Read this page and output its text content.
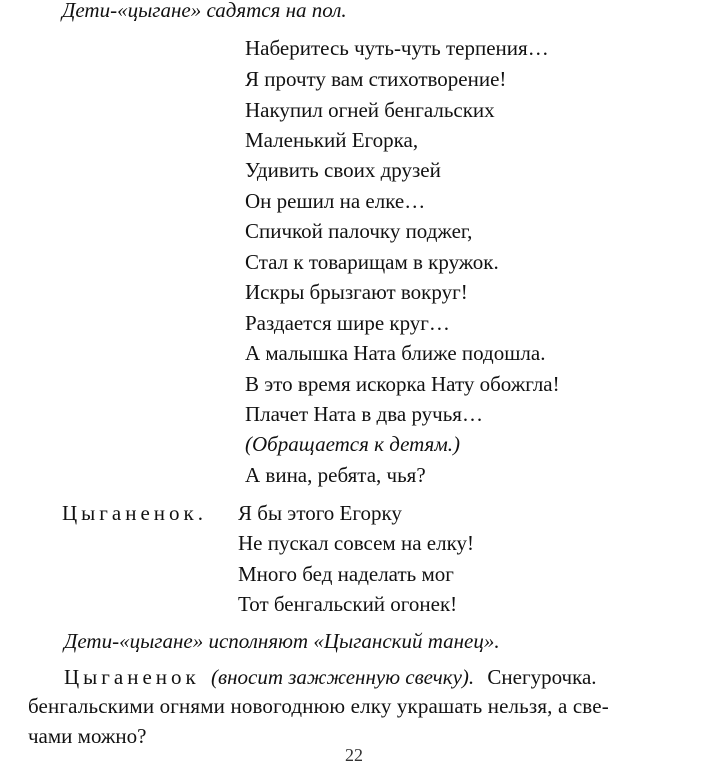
Дети-«цыгане» садятся на пол.
Наберитесь чуть-чуть терпения…
Я прочту вам стихотворение!
Накупил огней бенгальских
Маленький Егорка,
Удивить своих друзей
Он решил на елке…
Спичкой палочку поджег,
Стал к товарищам в кружок.
Искры брызгают вокруг!
Раздается шире круг…
А малышка Ната ближе подошла.
В это время искорка Нату обожгла!
Плачет Ната в два ручья…
(Обращается к детям.)
А вина, ребята, чья?
Цыганенок. Я бы этого Егорку
Не пускал совсем на елку!
Много бед наделать мог
Тот бенгальский огонек!
Дети-«цыгане» исполняют «Цыганский танец».
Цыганенок (вносит зажженную свечку). Снегурочка.
бенгальскими огнями новогоднюю елку украшать нельзя, а све-
чами можно?
22
